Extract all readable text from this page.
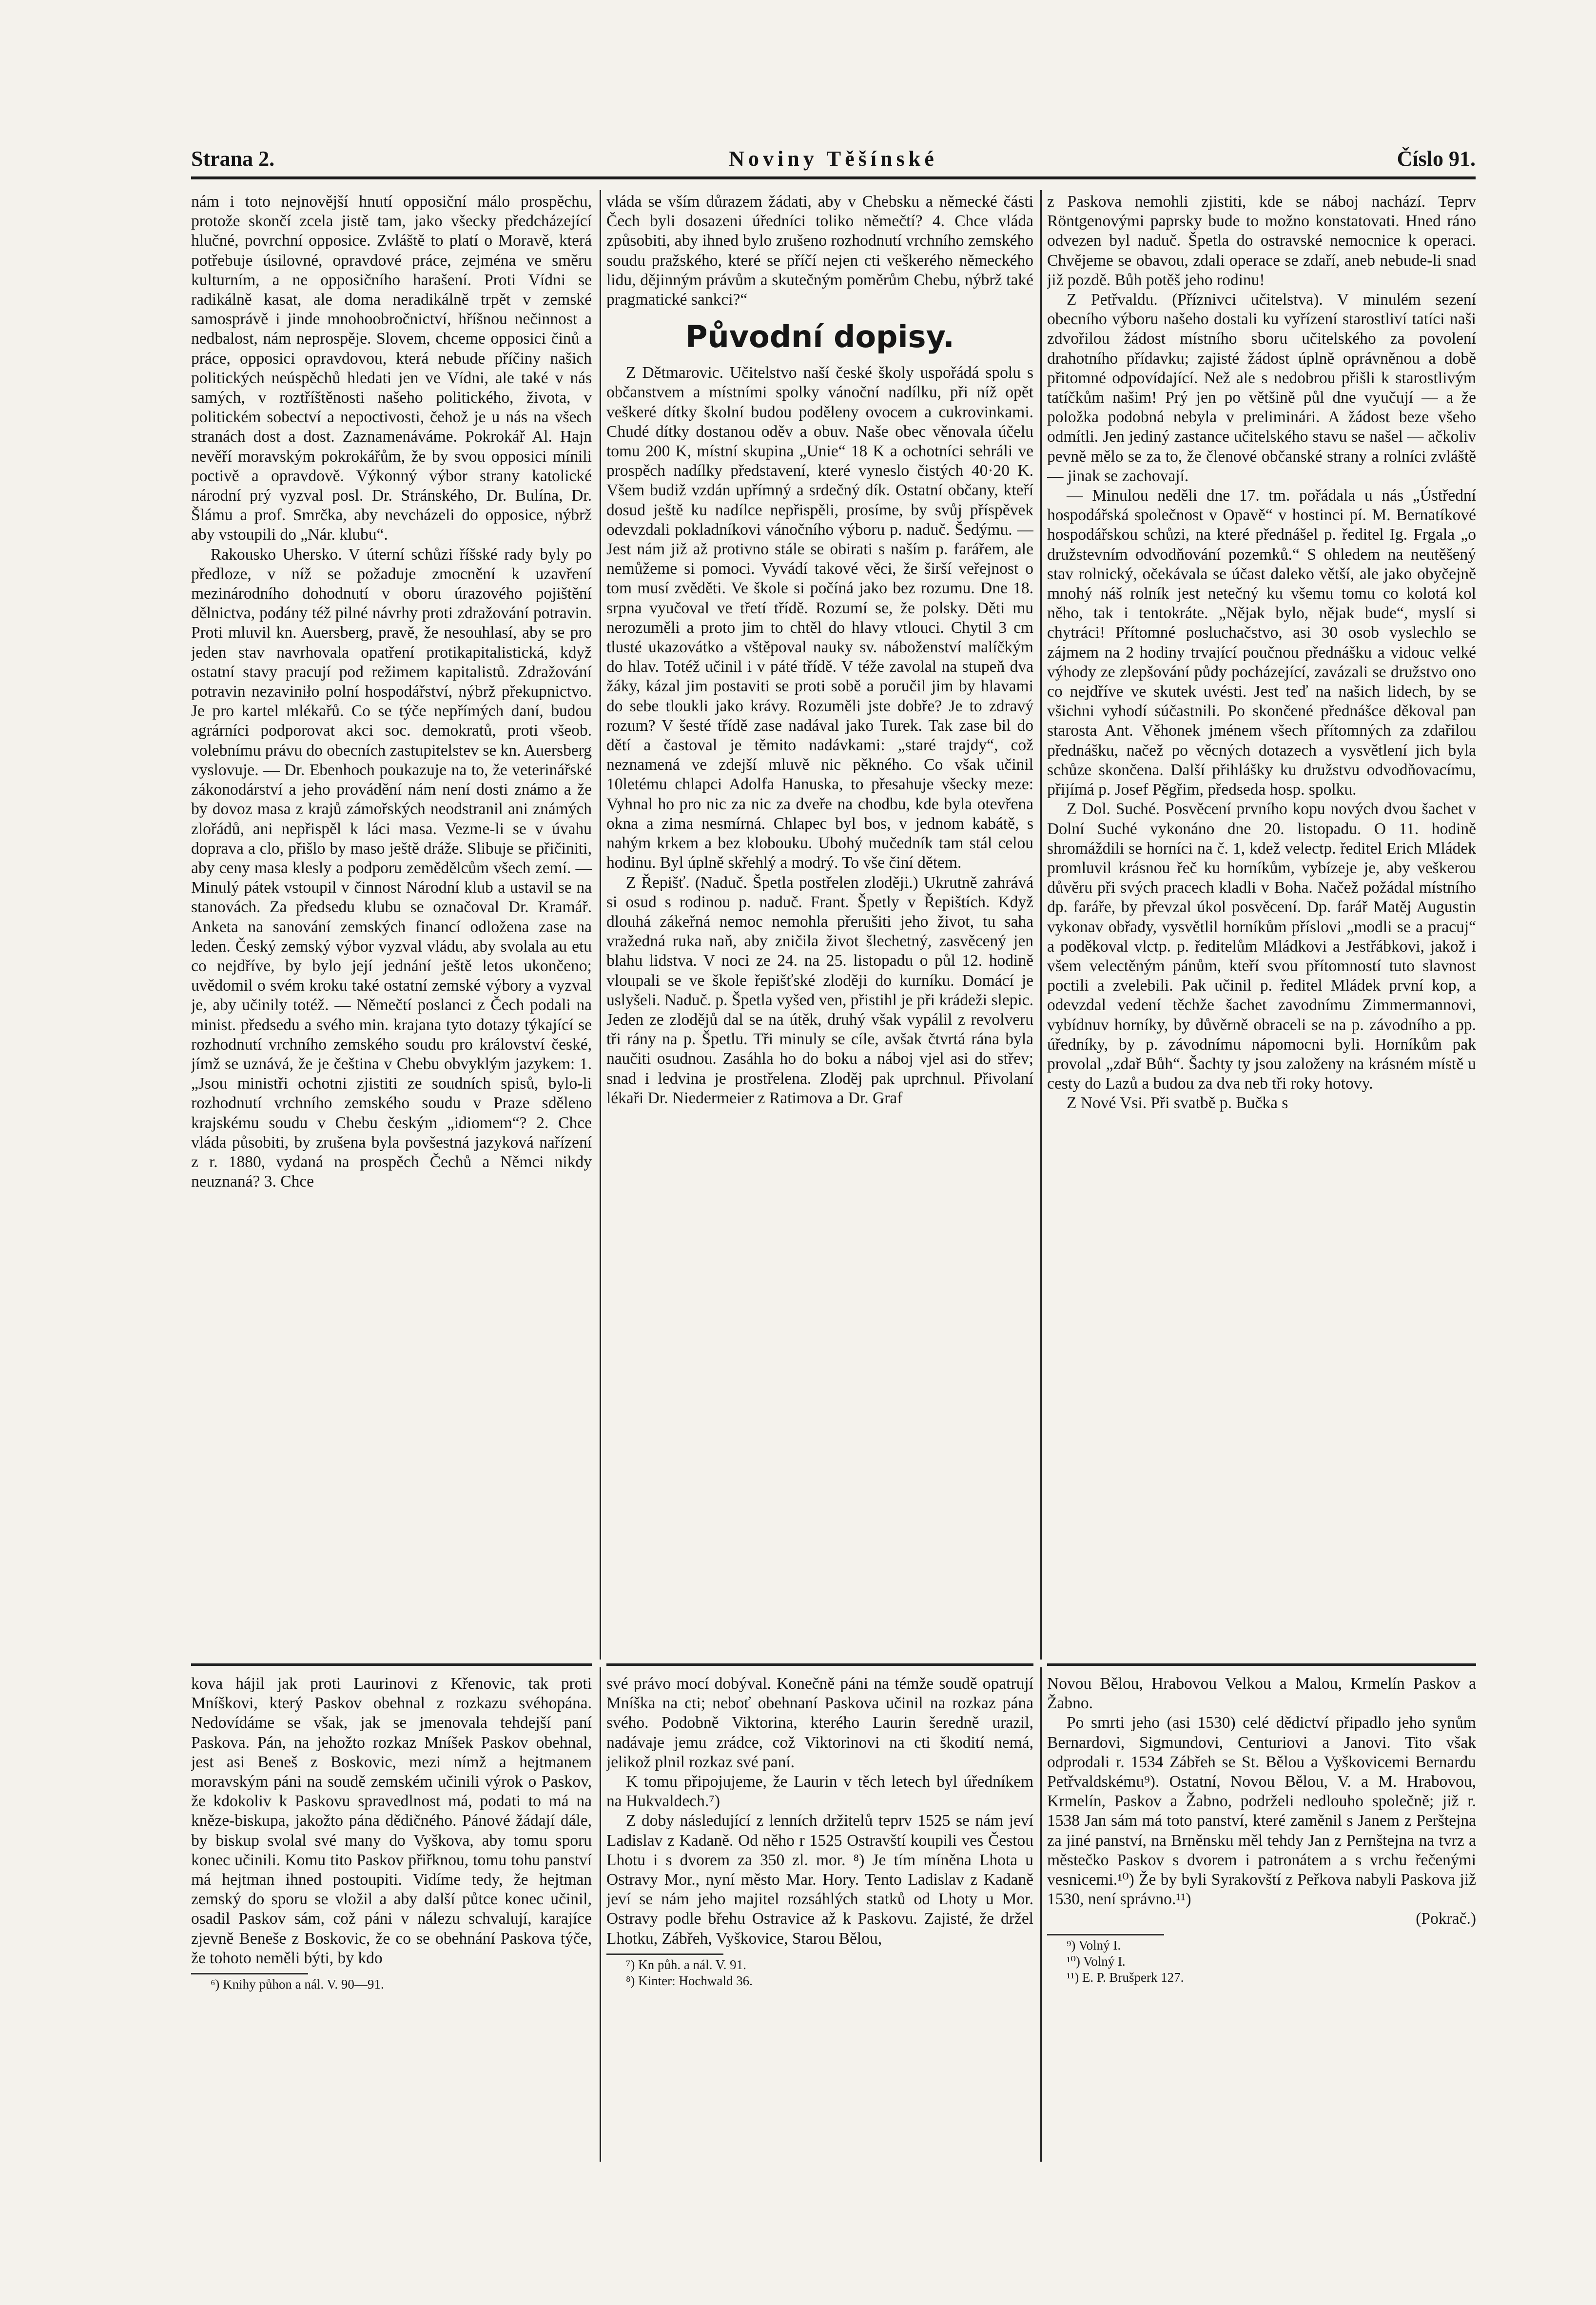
Strana 2.	Noviny Těšínské	Číslo 91.

nám i toto nejnovější hnutí opposiční málo prospěchu, protože skončí zcela jistě tam, jako všecky předcházející hlučné, povrchní opposice. Zvláště to platí o Moravě, která potřebuje úsilovné, opravdové práce, zejména ve směru kulturním, a ne opposičního harašení. Proti Vídni se radikálně kasat, ale doma neradikálně trpět v zemské samosprávě i jinde mnohoobročnictví, hříšnou nečinnost a nedbalost, nám neprospěje. Slovem, chceme opposici činů a práce, opposici opravdovou, která nebude příčiny našich politických neúspěchů hledati jen ve Vídni, ale také v nás samých, v roztříštěnosti našeho politického, života, v politickém sobectví a nepoctivosti, čehož je u nás na všech stranách dost a dost. Zaznamenáváme. Pokrokář Al. Hajn nevěří moravským pokrokářům, že by svou opposici mínili poctivě a opravdově. Výkonný výbor strany katolické národní prý vyzval posl. Dr. Stránského, Dr. Bulína, Dr. Šlámu a prof. Smrčka, aby nevcházeli do opposice, nýbrž aby vstoupili do „Nár. klubu“.

Rakousko Uhersko. V úterní schůzi říšské rady byly po předloze, v níž se požaduje zmocnění k uzavření mezinárodního dohodnutí v oboru úrazového pojištění dělnictva, podány též pilné návrhy proti zdražování potravin. Proti mluvil kn. Auersberg, pravě, že nesouhlasí, aby se pro jeden stav navrhovala opatření protikapitalistická, když ostatní stavy pracují pod režimem kapitalistů. Zdražování potravin nezaviniło polní hospodářství, nýbrž překupnictvo. Je pro kartel mlékařů. Co se týče nepřímých daní, budou agrárníci podporovat akci soc. demokratů, proti všeob. volebnímu právu do obecních zastupitelstev se kn. Auersberg vyslovuje. — Dr. Ebenhoch poukazuje na to, že veterinářské zákonodárství a jeho provádění nám není dosti známo a že by dovoz masa z krajů zámořských neodstranil ani známých zlořádů, ani nepřispěl k láci masa. Vezme-li se v úvahu doprava a clo, přišlo by maso ještě dráže. Slibuje se přičiniti, aby ceny masa klesly a podporu zemědělcům všech zemí. — Minulý pátek vstoupil v činnost Národní klub a ustavil se na stanovách. Za předsedu klubu se označoval Dr. Kramář. Anketa na sanování zemských financí odložena zase na leden. Český zemský výbor vyzval vládu, aby svolala au etu co nejdříve, by bylo její jednání ještě letos ukončeno; uvědomil o svém kroku také ostatní zemské výbory a vyzval je, aby učinily totéž. — Němečtí poslanci z Čech podali na minist. předsedu a svého min. krajana tyto dotazy týkající se rozhodnutí vrchního zemského soudu pro království české, jímž se uznává, že je čeština v Chebu obvyklým jazykem: 1. „Jsou ministři ochotni zjistiti ze soudních spisů, bylo-li rozhodnutí vrchního zemského soudu v Praze sděleno krajskému soudu v Chebu českým „idiomem“? 2. Chce vláda působiti, by zrušena byla povšestná jazyková nařízení z r. 1880, vydaná na prospěch Čechů a Němci nikdy neuznaná? 3. Chce

vláda se vším důrazem žádati, aby v Chebsku a německé části Čech byli dosazeni úředníci toliko němečtí? 4. Chce vláda způsobiti, aby ihned bylo zrušeno rozhodnutí vrchního zemského soudu pražského, které se příčí nejen cti veškerého německého lidu, dějinným právům a skutečným poměrům Chebu, nýbrž také pragmatické sankci?“

Původní dopisy.

Z Dětmarovic. Učitelstvo naší české školy uspořádá spolu s občanstvem a místními spolky vánoční nadílku, při níž opět veškeré dítky školní budou poděleny ovocem a cukrovinkami. Chudé dítky dostanou oděv a obuv. Naše obec věnovala účelu tomu 200 K, místní skupina „Unie“ 18 K a ochotníci sehráli ve prospěch nadílky představení, které vyneslo čistých 40·20 K. Všem budiž vzdán upřímný a srdečný dík. Ostatní občany, kteří dosud ještě ku nadílce nepřispěli, prosíme, by svůj příspěvek odevzdali pokladníkovi vánočního výboru p. naduč. Šedýmu. — Jest nám již až protivno stále se obirati s naším p. farářem, ale nemůžeme si pomoci. Vyvádí takové věci, že širší veřejnost o tom musí zvěděti. Ve škole si počíná jako bez rozumu. Dne 18. srpna vyučoval ve třetí třídě. Rozumí se, že polsky. Děti mu nerozuměli a proto jim to chtěl do hlavy vtlouci. Chytil 3 cm tlusté ukazovátko a vštěpoval nauky sv. náboženství malíčkým do hlav. Totéž učinil i v páté třídě. V téže zavolal na stupeň dva žáky, kázal jim postaviti se proti sobě a poručil jim by hlavami do sebe tloukli jako krávy. Rozuměli jste dobře? Je to zdravý rozum? V šesté třídě zase nadával jako Turek. Tak zase bil do dětí a častoval je těmito nadávkami: „staré trajdy“, což neznamená ve zdejší mluvě nic pěkného. Co však učinil 10letému chlapci Adolfa Hanuska, to přesahuje všecky meze: Vyhnal ho pro nic za nic za dveře na chodbu, kde byla otevřena okna a zima nesmírná. Chlapec byl bos, v jednom kabátě, s nahým krkem a bez klobouku. Ubohý mučedník tam stál celou hodinu. Byl úplně skřehlý a modrý. To vše činí dětem.

Z Řepišť. (Naduč. Špetla postřelen zloději.) Ukrutně zahrává si osud s rodinou p. naduč. Frant. Špetly v Řepištích. Když dlouhá zákeřná nemoc nemohla přerušiti jeho život, tu saha vražedná ruka naň, aby zničila život šlechetný, zasvěcený jen blahu lidstva. V noci ze 24. na 25. listopadu o půl 12. hodině vloupali se ve škole řepišťské zloději do kurníku. Domácí je uslyšeli. Naduč. p. Špetla vyšed ven, přistihl je při krádeži slepic. Jeden ze zlodějů dal se na útěk, druhý však vypálil z revolveru tři rány na p. Špetlu. Tři minuly se cíle, avšak čtvrtá rána byla naučiti osudnou. Zasáhla ho do boku a náboj vjel asi do střev; snad i ledvina je prostřelena. Zloděj pak uprchnul. Přivolaní lékaři Dr. Niedermeier z Ratimova a Dr. Graf

z Paskova nemohli zjistiti, kde se náboj nachází. Teprv Röntgenovými paprsky bude to možno konstatovati. Hned ráno odvezen byl naduč. Špetla do ostravské nemocnice k operaci. Chvějeme se obavou, zdali operace se zdaří, aneb nebude-li snad již pozdě. Bůh potěš jeho rodinu!

Z Petřvaldu. (Příznivci učitelstva). V minulém sezení obecního výboru našeho dostali ku vyřízení starostliví tatíci naši zdvořilou žádost místního sboru učitelského za povolení drahotního přídavku; zajisté žádost úplně oprávněnou a době přitomné odpovídající. Než ale s nedobrou přišli k starostlivým tatíčkům našim! Prý jen po většině půl dne vyučují — a že položka podobná nebyla v preliminári. A žádost beze všeho odmítli. Jen jediný zastance učitelského stavu se našel — ačkoliv pevně mělo se za to, že členové občanské strany a rolníci zvláště — jinak se zachovají.

— Minulou neděli dne 17. tm. pořádala u nás „Ústřední hospodářská společnost v Opavě“ v hostinci pí. M. Bernatíkové hospodářskou schůzi, na které přednášel p. ředitel Ig. Frgala „o družstevním odvodňování pozemků.“ S ohledem na neutěšený stav rolnický, očekávala se účast daleko větší, ale jako obyčejně mnohý náš rolník jest netečný ku všemu tomu co kolotá kol něho, tak i tentokráte. „Nějak bylo, nějak bude“, myslí si chytráci! Přítomné posluchačstvo, asi 30 osob vyslechlo se zájmem na 2 hodiny trvající poučnou přednášku a vidouc velké výhody ze zlepšování půdy pocházející, zavázali se družstvo ono co nejdříve ve skutek uvésti. Jest teď na našich lidech, by se všichni vyhodí súčastnili. Po skončené přednášce děkoval pan starosta Ant. Věhonek jménem všech přítomných za zdařilou přednášku, načež po věcných dotazech a vysvětlení jich byla schůze skončena. Další přihlášky ku družstvu odvodňovacímu, přijímá p. Josef Pěgřim, předseda hosp. spolku.

Z Dol. Suché. Posvěcení prvního kopu nových dvou šachet v Dolní Suché vykonáno dne 20. listopadu. O 11. hodině shromáždili se horníci na č. 1, kdež velectp. ředitel Erich Mládek promluvil krásnou řeč ku horníkům, vybízeje je, aby veškerou důvěru při svých pracech kladli v Boha. Načež požádal místního dp. faráře, by převzal úkol posvěcení. Dp. farář Matěj Augustin vykonav obřady, vysvětlil horníkům příslovi „modli se a pracuj“ a poděkoval vlctp. p. ředitelům Mládkovi a Jestřábkovi, jakož i všem velectěným pánům, kteří svou přítomností tuto slavnost poctili a zvelebili. Pak učinil p. ředitel Mládek první kop, a odevzdal vedení těchže šachet zavodnímu Zimmermannovi, vybídnuv horníky, by důvěrně obraceli se na p. závodního a pp. úředníky, by p. závodnímu nápomocni byli. Horníkům pak provolal „zdař Bůh“. Šachty ty jsou založeny na krásném místě u cesty do Lazů a budou za dva neb tři roky hotovy.

Z Nové Vsi. Při svatbě p. Bučka s

kova hájil jak proti Laurinovi z Křenovic, tak proti Mníškovi, který Paskov obehnal z rozkazu svéhopána. Nedovídáme se však, jak se jmenovala tehdejší paní Paskova. Pán, na jehožto rozkaz Mníšek Paskov obehnal, jest asi Beneš z Boskovic, mezi nímž a hejtmanem moravským páni na soudě zemském učinili výrok o Paskov, že kdokoliv k Paskovu spravedlnost má, podati to má na kněze-biskupa, jakožto pána dědičného. Pánové žádají dále, by biskup svolal své many do Vyškova, aby tomu sporu konec učinili. Komu tito Paskov přiřknou, tomu tohu panství má hejtman ihned postoupiti. Vidíme tedy, že hejtman zemský do sporu se vložil a aby další půtce konec učinil, osadil Paskov sám, což páni v nálezu schvalují, karajíce zjevně Beneše z Boskovic, že co se obehnání Paskova týče, že tohoto neměli býti, by kdo

⁶) Knihy půhon a nál. V. 90—91.

své právo mocí dobýval. Konečně páni na témže soudě opatrují Mníška na cti; neboť obehnaní Paskova učinil na rozkaz pána svého. Podobně Viktorina, kterého Laurin šeredně urazil, nadávaje jemu zrádce, což Viktorinovi na cti škodití nemá, jelikož plnil rozkaz své paní.

K tomu připojujeme, že Laurin v těch letech byl úředníkem na Hukvaldech.⁷)

Z doby následující z lenních držitelů teprv 1525 se nám jeví Ladislav z Kadaně. Od něho r 1525 Ostravští koupili ves Čestou Lhotu i s dvorem za 350 zl. mor. ⁸) Je tím míněna Lhota u Ostravy Mor., nyní město Mar. Hory. Tento Ladislav z Kadaně jeví se nám jeho majitel rozsáhlých statků od Lhoty u Mor. Ostravy podle břehu Ostravice až k Paskovu. Zajisté, že držel Lhotku, Zábřeh, Vyškovice, Starou Bělou,

⁷) Kn půh. a nál. V. 91.

⁸) Kinter: Hochwald 36.

Novou Bělou, Hrabovou Velkou a Malou, Krmelín Paskov a Žabno.

Po smrti jeho (asi 1530) celé dědictví připadlo jeho synům Bernardovi, Sigmundovi, Centuriovi a Janovi. Tito však odprodali r. 1534 Zábřeh se St. Bělou a Vyškovicemi Bernardu Petřvaldskému⁹). Ostatní, Novou Bělou, V. a M. Hrabovou, Krmelín, Paskov a Žabno, podrželi nedlouho společně; již r. 1538 Jan sám má toto panství, které zaměnil s Janem z Perštejna za jiné panství, na Brněnsku měl tehdy Jan z Pernštejna na tvrz a městečko Paskov s dvorem i patronátem a s vrchu řečenými vesnicemi.¹⁰) Že by byli Syrakovští z Peřkova nabyli Paskova již 1530, není správno.¹¹)

(Pokrač.)

⁹) Volný I.

¹⁰) Volný I.

¹¹) E. P. Brušperk 127.
